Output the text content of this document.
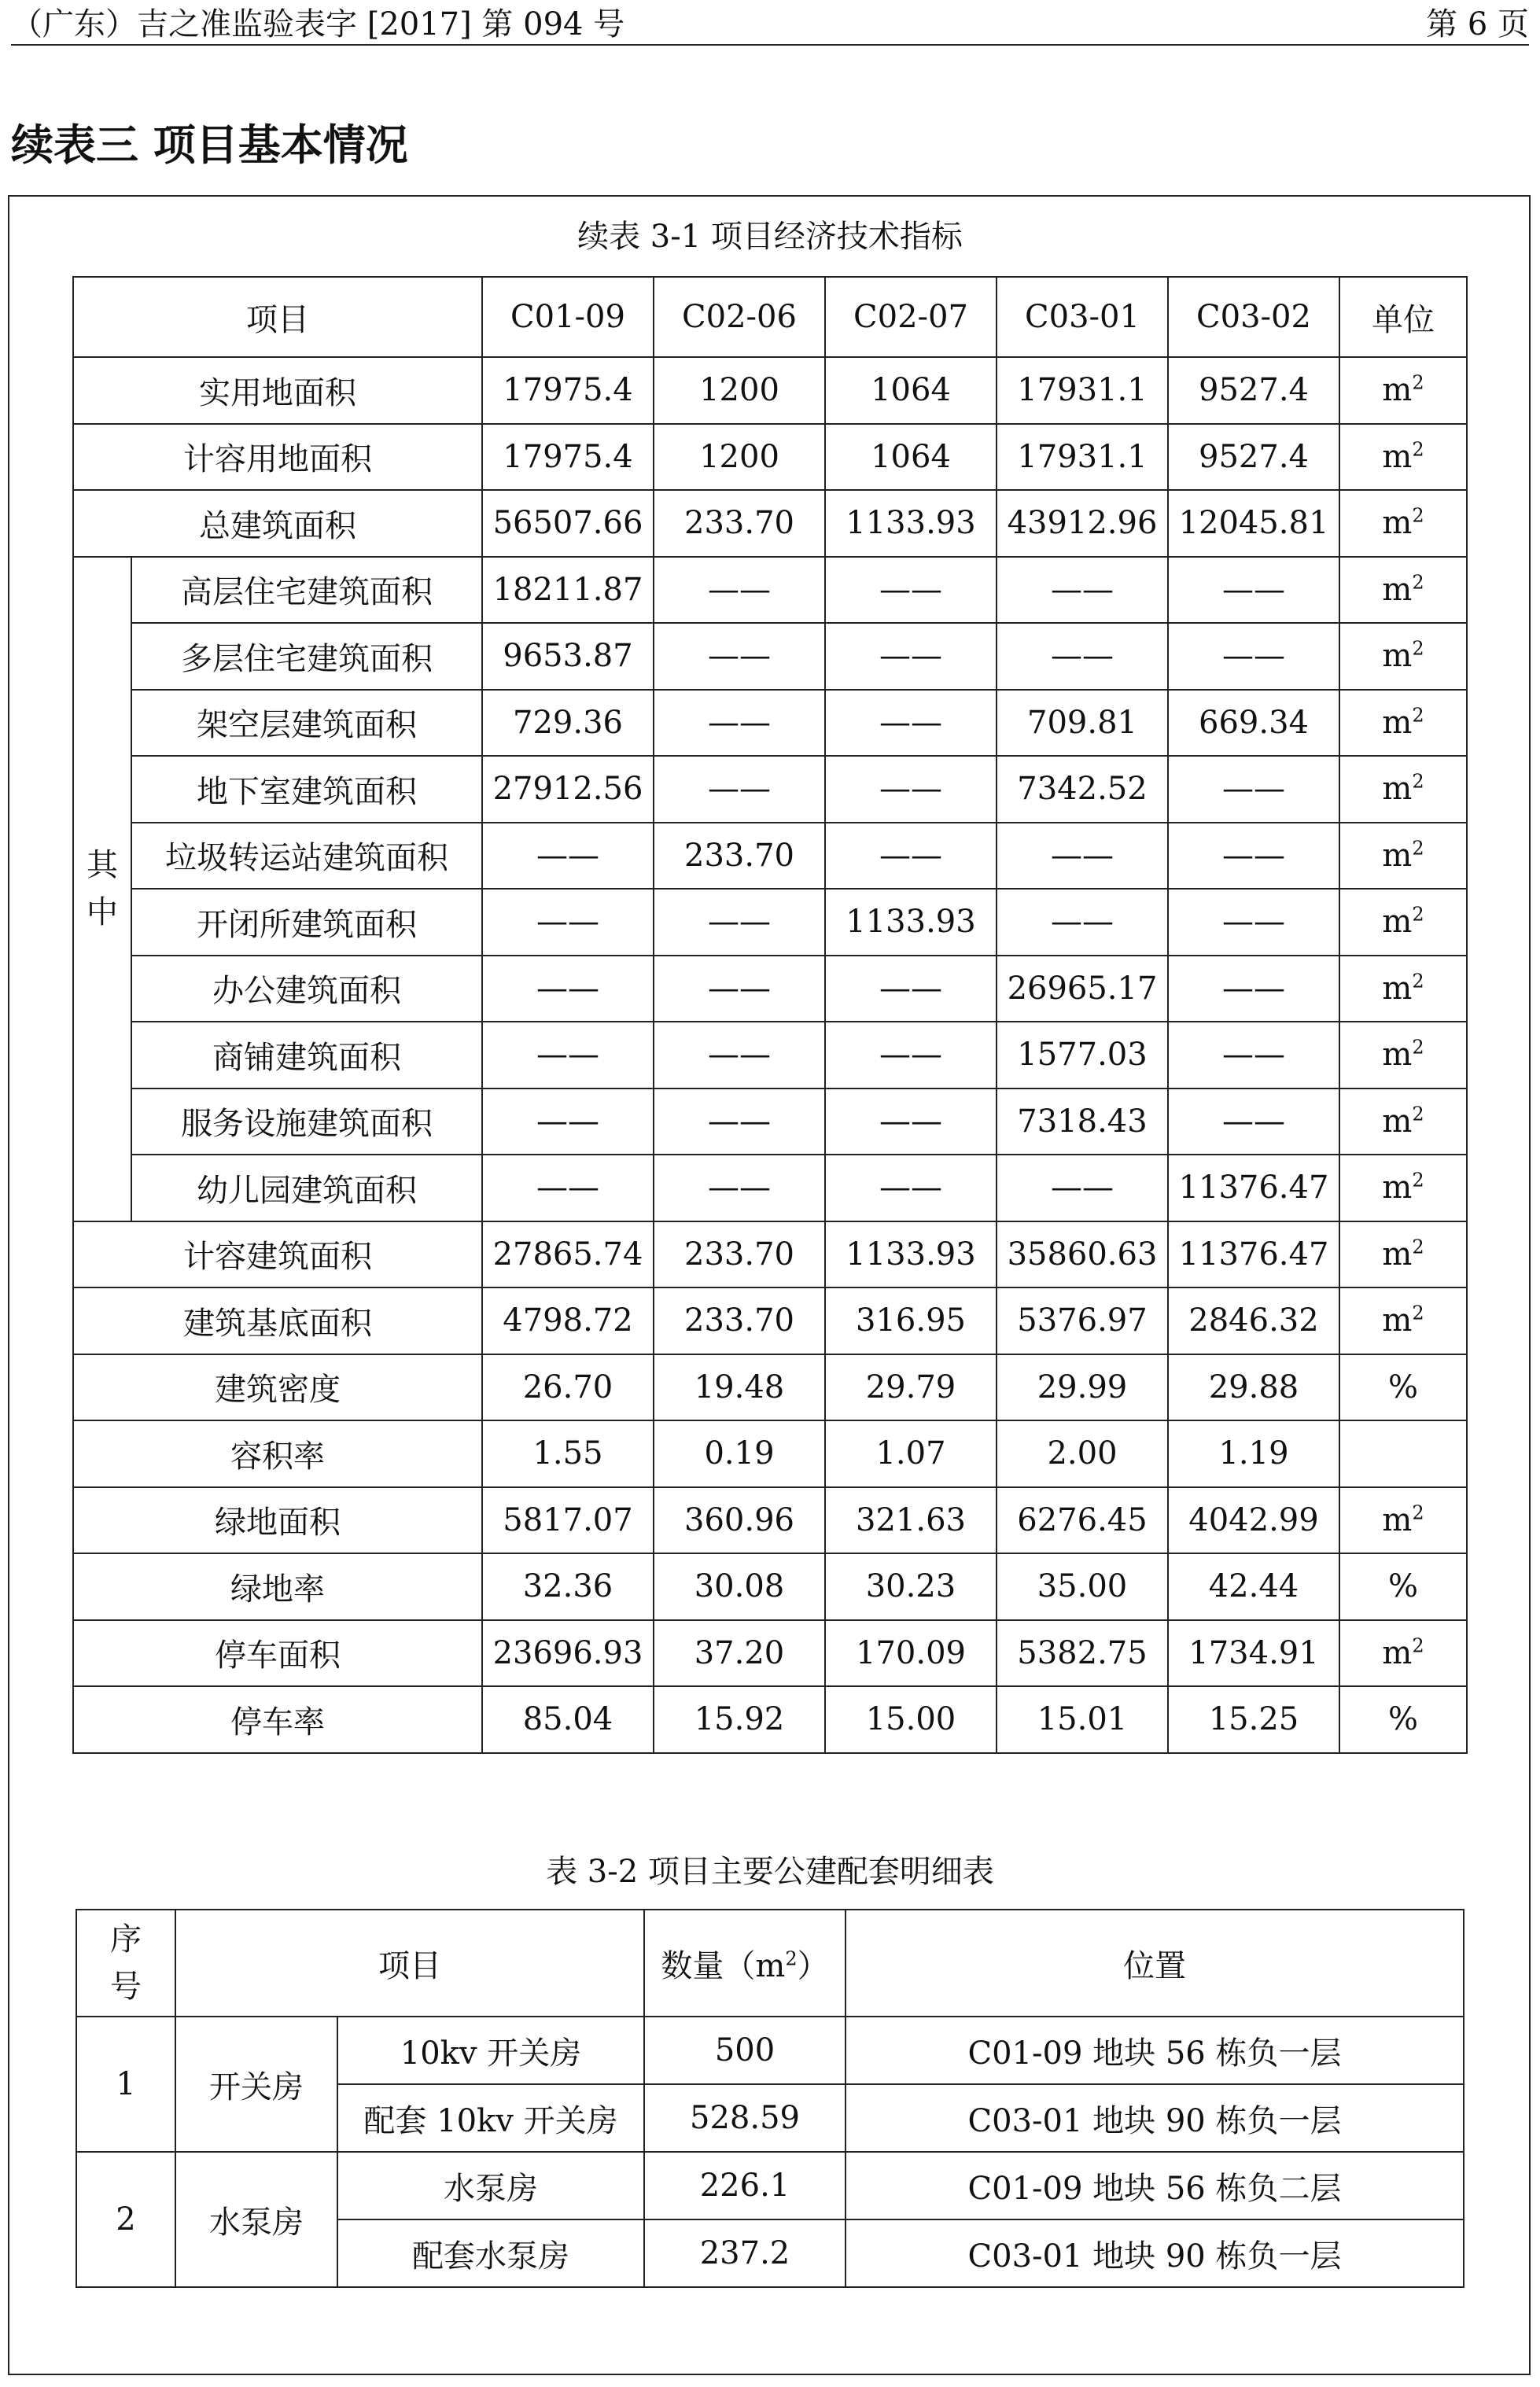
（广东）吉之准监验表字 [2017] 第 094 号	第 6 页
续表三 项目基本情况
续表 3-1 项目经济技术指标
项目		C01-09	C02-06	C02-07	C03-01	C03-02	单位
实用地面积		17975.4	1200	1064	17931.1	9527.4	$m^2$
计容用地面积		17975.4	1200	1064	17931.1	9527.4	$m^2$
总建筑面积		56507.66	233.70	1133.93	43912.96	12045.81	$m^2$

其
中	高层住宅建筑面积	18211.87	——	——	——	——	$m^2$
	多层住宅建筑面积	9653.87	——	——	——	——	$m^2$
	架空层建筑面积	729.36	——	——	709.81	669.34	$m^2$
	地下室建筑面积	27912.56	——	——	7342.52	——	$m^2$
	垃圾转运站建筑面积	——	233.70	——	——	——	$m^2$
	开闭所建筑面积	——	——	1133.93	——	——	$m^2$
	办公建筑面积	——	——	——	26965.17	——	$m^2$
	商铺建筑面积	——	——	——	1577.03	——	$m^2$
	服务设施建筑面积	——	——	——	7318.43	——	$m^2$
	幼儿园建筑面积	——	——	——	——	11376.47	$m^2$
计容建筑面积		27865.74	233.70	1133.93	35860.63	11376.47	$m^2$
建筑基底面积		4798.72	233.70	316.95	5376.97	2846.32	$m^2$
建筑密度		26.70	19.48	29.79	29.99	29.88	%
容积率		1.55	0.19	1.07	2.00	1.19	
绿地面积		5817.07	360.96	321.63	6276.45	4042.99	$m^2$
绿地率		32.36	30.08	30.23	35.00	42.44	%
停车面积		23696.93	37.20	170.09	5382.75	1734.91	$m^2$
停车率		85.04	15.92	15.00	15.01	15.25	%
表 3-2 项目主要公建配套明细表
序
号	项目		数量$(m^2)$	位置
1	开关房	10kv 开关房	500	C01-09 地块 56 栋负一层
		配套 10kv 开关房	528.59	C03-01 地块 90 栋负一层
2	水泵房	水泵房	226.1	C01-09 地块 56 栋负二层
		配套水泵房	237.2	C03-01 地块 90 栋负一层
